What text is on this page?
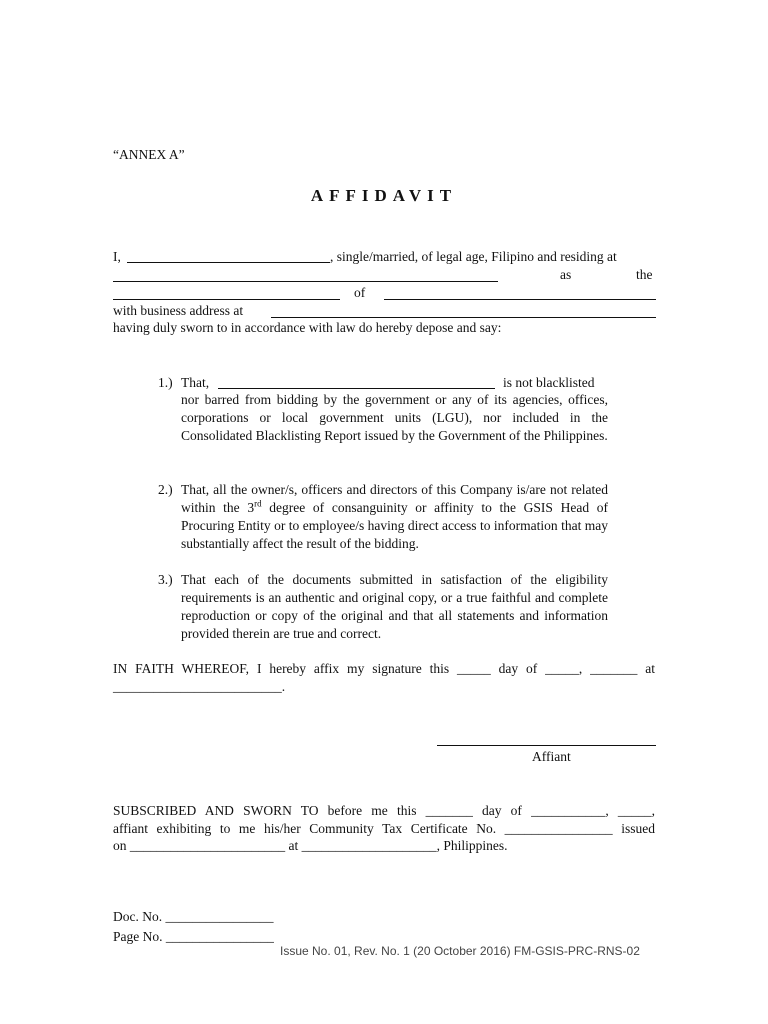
“ANNEX A”
AFFIDAVIT
I,	, single/married, of legal age, Filipino and residing at
as	the
of
with business address at
having duly sworn to in accordance with law do hereby depose and say:
1.) That,	is not blacklisted
nor barred from bidding by the government or any of its agencies, offices, corporations or local government units (LGU), nor included in the Consolidated Blacklisting Report issued by the Government of the Philippines.
2.) That, all the owner/s, officers and directors of this Company is/are not related within the 3rd degree of consanguinity or affinity to the GSIS Head of Procuring Entity or to employee/s having direct access to information that may substantially affect the result of the bidding.
3.) That each of the documents submitted in satisfaction of the eligibility requirements is an authentic and original copy, or a true faithful and complete reproduction or copy of the original and that all statements and information provided therein are true and correct.
IN FAITH WHEREOF, I hereby affix my signature this _____ day of _____, _______ at
_________________________.
Affiant
SUBSCRIBED AND SWORN TO before me this _______ day of ___________, _____,
affiant exhibiting to me his/her Community Tax Certificate No. ________________ issued
on _______________________ at ____________________, Philippines.
Doc. No. ________________
Page No. ________________
Issue No. 01, Rev. No. 1 (20 October 2016) FM-GSIS-PRC-RNS-02
